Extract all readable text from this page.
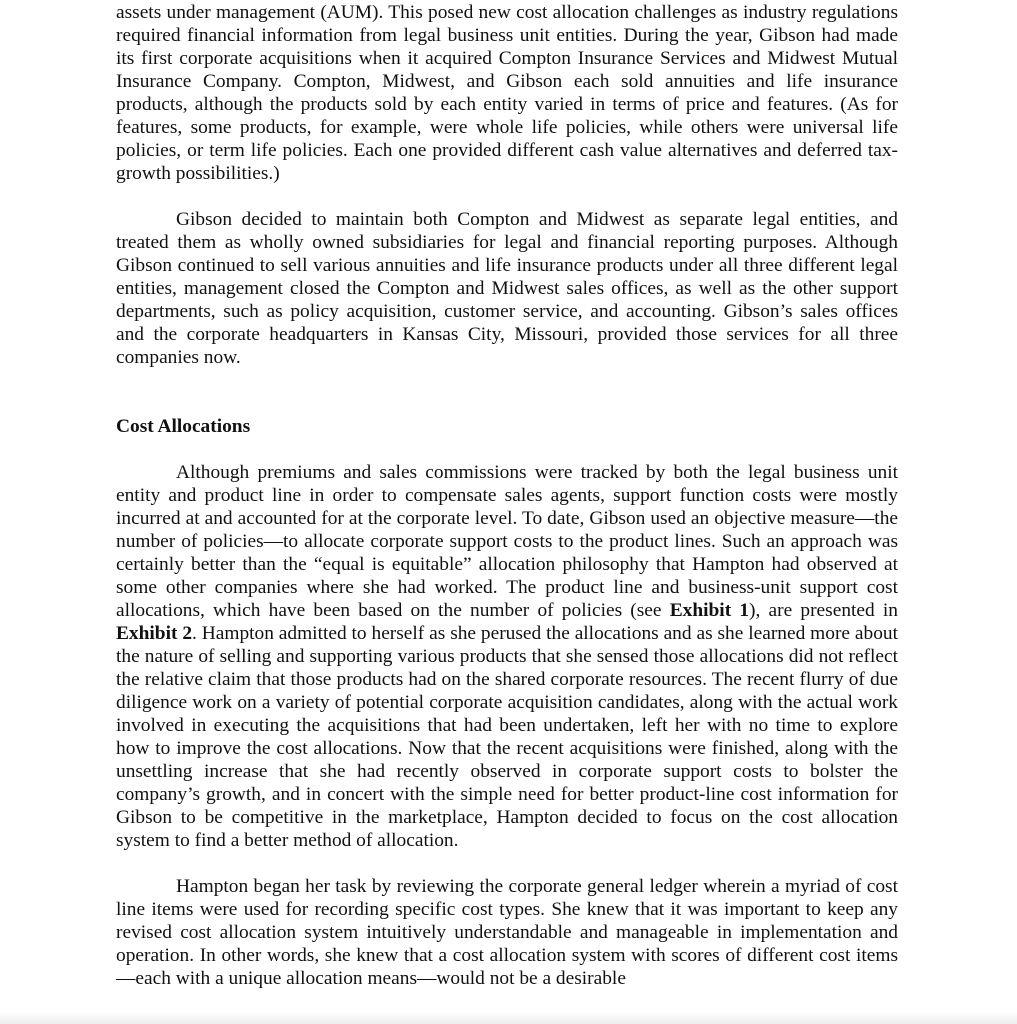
assets under management (AUM). This posed new cost allocation challenges as industry regulations required financial information from legal business unit entities. During the year, Gibson had made its first corporate acquisitions when it acquired Compton Insurance Services and Midwest Mutual Insurance Company. Compton, Midwest, and Gibson each sold annuities and life insurance products, although the products sold by each entity varied in terms of price and features. (As for features, some products, for example, were whole life policies, while others were universal life policies, or term life policies. Each one provided different cash value alternatives and deferred tax-growth possibilities.)

Gibson decided to maintain both Compton and Midwest as separate legal entities, and treated them as wholly owned subsidiaries for legal and financial reporting purposes. Although Gibson continued to sell various annuities and life insurance products under all three different legal entities, management closed the Compton and Midwest sales offices, as well as the other support departments, such as policy acquisition, customer service, and accounting. Gibson’s sales offices and the corporate headquarters in Kansas City, Missouri, provided those services for all three companies now.

Cost Allocations

Although premiums and sales commissions were tracked by both the legal business unit entity and product line in order to compensate sales agents, support function costs were mostly incurred at and accounted for at the corporate level. To date, Gibson used an objective measure—the number of policies—to allocate corporate support costs to the product lines. Such an approach was certainly better than the “equal is equitable” allocation philosophy that Hampton had observed at some other companies where she had worked. The product line and business-unit support cost allocations, which have been based on the number of policies (see Exhibit 1), are presented in Exhibit 2. Hampton admitted to herself as she perused the allocations and as she learned more about the nature of selling and supporting various products that she sensed those allocations did not reflect the relative claim that those products had on the shared corporate resources. The recent flurry of due diligence work on a variety of potential corporate acquisition candidates, along with the actual work involved in executing the acquisitions that had been undertaken, left her with no time to explore how to improve the cost allocations. Now that the recent acquisitions were finished, along with the unsettling increase that she had recently observed in corporate support costs to bolster the company’s growth, and in concert with the simple need for better product-line cost information for Gibson to be competitive in the marketplace, Hampton decided to focus on the cost allocation system to find a better method of allocation.

Hampton began her task by reviewing the corporate general ledger wherein a myriad of cost line items were used for recording specific cost types. She knew that it was important to keep any revised cost allocation system intuitively understandable and manageable in implementation and operation. In other words, she knew that a cost allocation system with scores of different cost items—each with a unique allocation means—would not be a desirable
